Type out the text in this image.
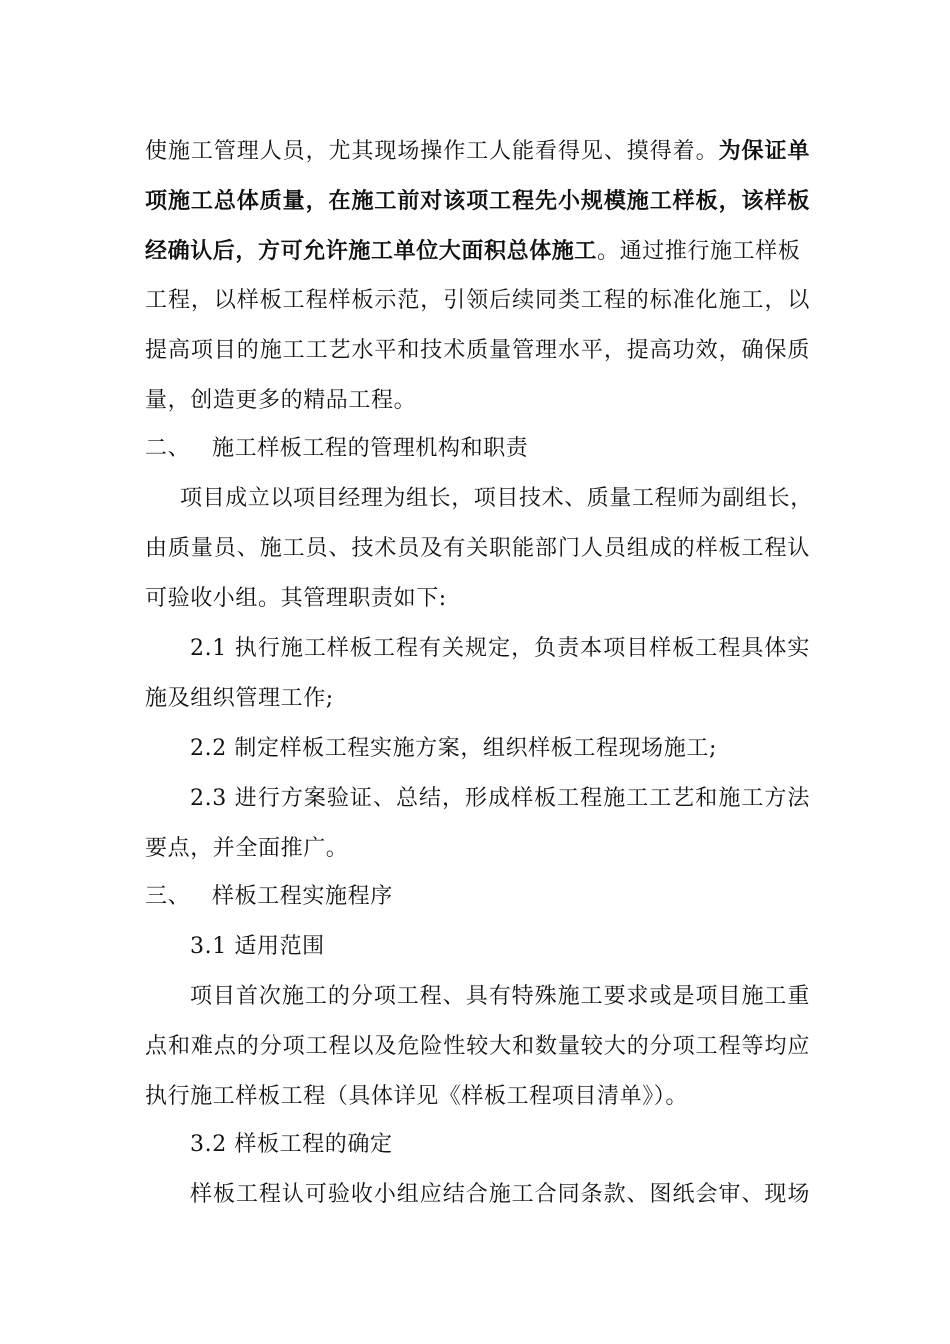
使施工管理人员，尤其现场操作工人能看得见、摸得着。为保证单
项施工总体质量，在施工前对该项工程先小规模施工样板，该样板
经确认后，方可允许施工单位大面积总体施工。通过推行施工样板
工程，以样板工程样板示范，引领后续同类工程的标准化施工，以
提高项目的施工工艺水平和技术质量管理水平，提高功效，确保质
量，创造更多的精品工程。
二、 施工样板工程的管理机构和职责
项目成立以项目经理为组长，项目技术、质量工程师为副组长，
由质量员、施工员、技术员及有关职能部门人员组成的样板工程认
可验收小组。其管理职责如下:
2.1 执行施工样板工程有关规定，负责本项目样板工程具体实
施及组织管理工作;
2.2 制定样板工程实施方案，组织样板工程现场施工;
2.3 进行方案验证、总结，形成样板工程施工工艺和施工方法
要点，并全面推广。
三、 样板工程实施程序
3.1 适用范围
项目首次施工的分项工程、具有特殊施工要求或是项目施工重
点和难点的分项工程以及危险性较大和数量较大的分项工程等均应
执行施工样板工程（具体详见《样板工程项目清单》）。
3.2 样板工程的确定
样板工程认可验收小组应结合施工合同条款、图纸会审、现场
